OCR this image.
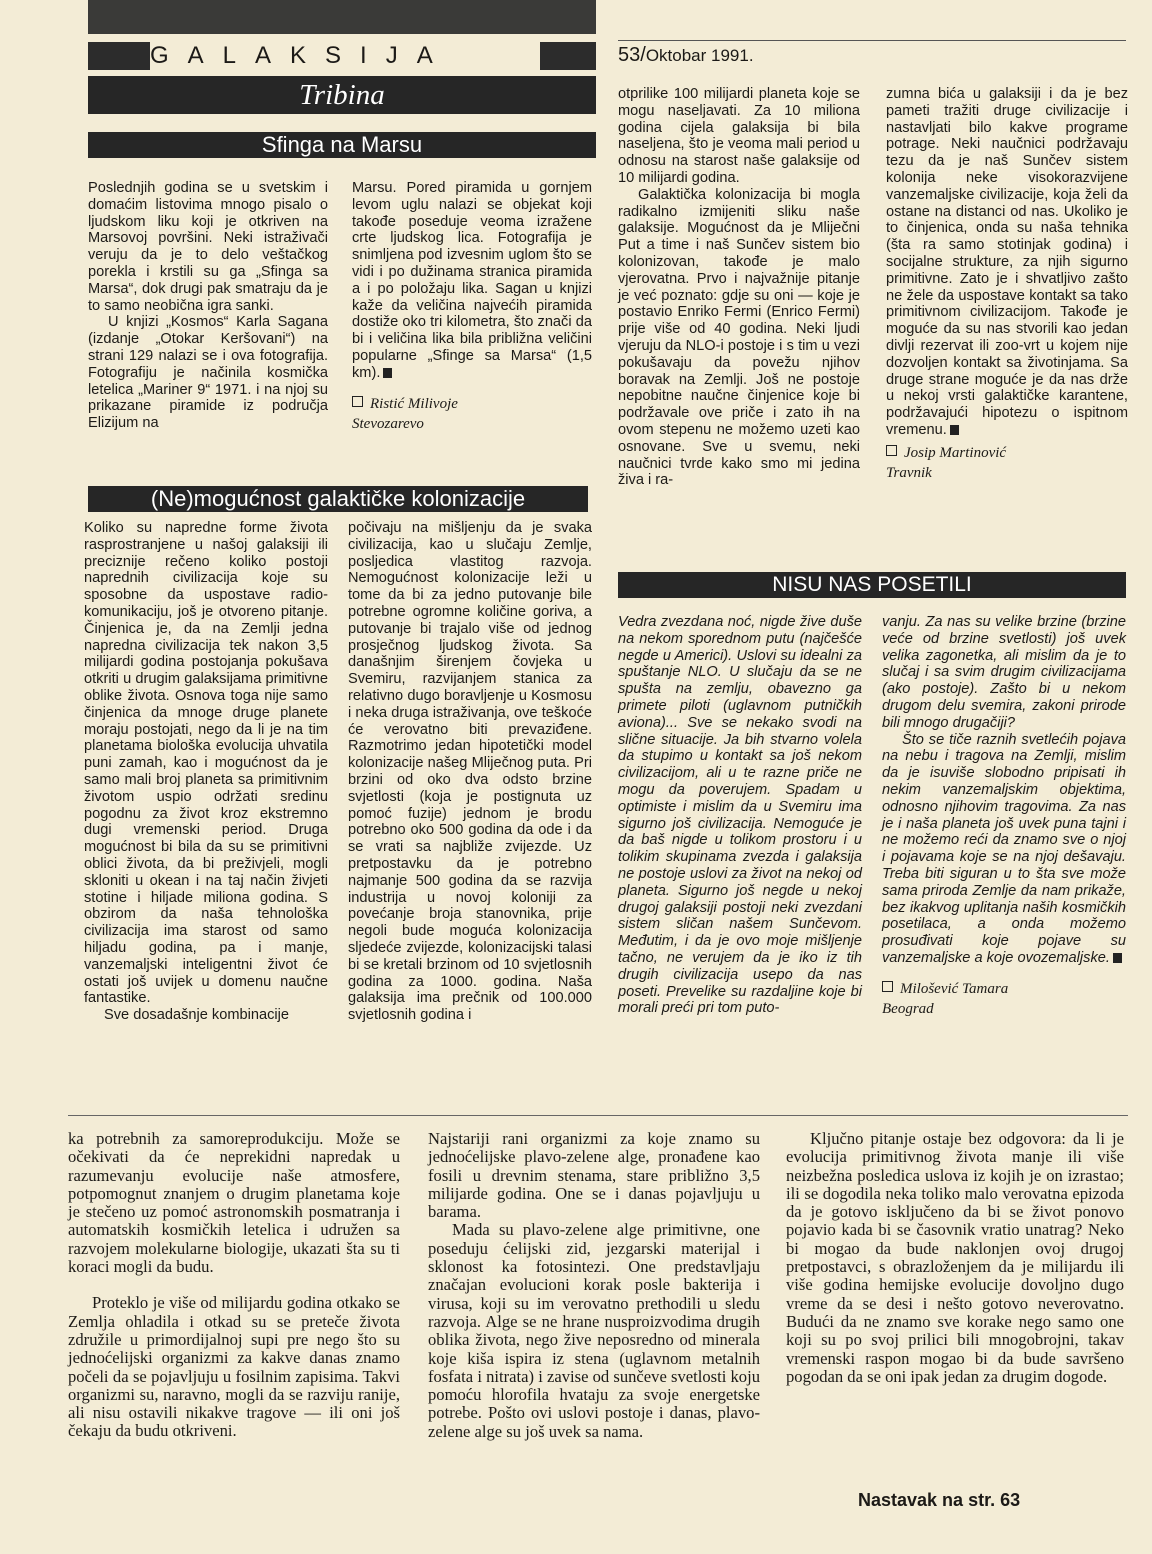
GALAKSIJA	53/Oktobar 1991.
Tribina
Sfinga na Marsu

Poslednjih godina se u svetskim i domaćim listovima mnogo pisalo o ljudskom liku koji je otkriven na Marsovoj površini. Neki istraživači veruju da je to delo veštačkog porekla i krstili su ga „Sfinga sa Marsa“, dok drugi pak smatraju da je to samo neobična igra sanki.

U knjizi „Kosmos“ Karla Sagana (izdanje „Otokar Keršovani“) na strani 129 nalazi se i ova fotografija. Fotografiju je načinila kosmička letelica „Mariner 9“ 1971. i na njoj su prikazane piramide iz područja Elizijum na

Marsu. Pored piramida u gornjem levom uglu nalazi se objekat koji takođe poseduje veoma izražene crte ljudskog lica. Fotografija je snimljena pod izvesnim uglom što se vidi i po dužinama stranica piramida a i po položaju lika. Sagan u knjizi kaže da veličina najvećih piramida dostiže oko tri kilometra, što znači da bi i veličina lika bila približna veličini popularne „Sfinge sa Marsa“ (1,5 km).

Ristić Milivoje
Stevozarevo
(Ne)mogućnost galaktičke kolonizacije

Koliko su napredne forme života rasprostranjene u našoj galaksiji ili preciznije rečeno koliko postoji naprednih civilizacija koje su sposobne da uspostave radio-komunikaciju, još je otvoreno pitanje. Činjenica je, da na Zemlji jedna napredna civilizacija tek nakon 3,5 milijardi godina postojanja pokušava otkriti u drugim galaksijama primitivne oblike života. Osnova toga nije samo činjenica da mnoge druge planete moraju postojati, nego da li je na tim planetama biološka evolucija uhvatila puni zamah, kao i mogućnost da je samo mali broj planeta sa primitivnim životom uspio održati sredinu pogodnu za život kroz ekstremno dugi vremenski period. Druga mogućnost bi bila da su se primitivni oblici života, da bi preživjeli, mogli skloniti u okean i na taj način živjeti stotine i hiljade miliona godina. S obzirom da naša tehnološka civilizacija ima starost od samo hiljadu godina, pa i manje, vanzemaljski inteligentni život će ostati još uvijek u domenu naučne fantastike.

Sve dosadašnje kombinacije

počivaju na mišljenju da je svaka civilizacija, kao u slučaju Zemlje, posljedica vlastitog razvoja. Nemogućnost kolonizacije leži u tome da bi za jedno putovanje bile potrebne ogromne količine goriva, a putovanje bi trajalo više od jednog prosječnog ljudskog života. Sa današnjim širenjem čovjeka u Svemiru, razvijanjem stanica za relativno dugo boravljenje u Kosmosu i neka druga istraživanja, ove teškoće će verovatno biti prevaziđene. Razmotrimo jedan hipotetički model kolonizacije našeg Mliječnog puta. Pri brzini od oko dva odsto brzine svjetlosti (koja je postignuta uz pomoć fuzije) jednom je brodu potrebno oko 500 godina da ode i da se vrati sa najbliže zvijezde. Uz pretpostavku da je potrebno najmanje 500 godina da se razvija industrija u novoj koloniji za povećanje broja stanovnika, prije negoli bude moguća kolonizacija sljedeće zvijezde, kolonizacijski talasi bi se kretali brzinom od 10 svjetlosnih godina za 1000. godina. Naša galaksija ima prečnik od 100.000 svjetlosnih godina i

otprilike 100 milijardi planeta koje se mogu naseljavati. Za 10 miliona godina cijela galaksija bi bila naseljena, što je veoma mali period u odnosu na starost naše galaksije od 10 milijardi godina.

Galaktička kolonizacija bi mogla radikalno izmijeniti sliku naše galaksije. Mogućnost da je Mliječni Put a time i naš Sunčev sistem bio kolonizovan, takođe je malo vjerovatna. Prvo i najvažnije pitanje je već poznato: gdje su oni — koje je postavio Enriko Fermi (Enrico Fermi) prije više od 40 godina. Neki ljudi vjeruju da NLO-i postoje i s tim u vezi pokušavaju da povežu njihov boravak na Zemlji. Još ne postoje nepobitne naučne činjenice koje bi podržavale ove priče i zato ih na ovom stepenu ne možemo uzeti kao osnovane. Sve u svemu, neki naučnici tvrde kako smo mi jedina živa i ra-

zumna bića u galaksiji i da je bez pameti tražiti druge civilizacije i nastavljati bilo kakve programe potrage. Neki naučnici podržavaju tezu da je naš Sunčev sistem kolonija neke visokorazvijene vanzemaljske civilizacije, koja želi da ostane na distanci od nas. Ukoliko je to činjenica, onda su naša tehnika (šta ra samo stotinjak godina) i socijalne strukture, za njih sigurno primitivne. Zato je i shvatljivo zašto ne žele da uspostave kontakt sa tako primitivnom civilizacijom. Takođe je moguće da su nas stvorili kao jedan divlji rezervat ili zoo-vrt u kojem nije dozvoljen kontakt sa životinjama. Sa druge strane moguće je da nas drže u nekoj vrsti galaktičke karantene, podržavajući hipotezu o ispitnom vremenu.

Josip Martinović
Travnik
NISU NAS POSETILI

Vedra zvezdana noć, nigde žive duše na nekom sporednom putu (najčešće negde u Americi). Uslovi su idealni za spuštanje NLO. U slučaju da se ne spušta na zemlju, obavezno ga primete piloti (uglavnom putničkih aviona)... Sve se nekako svodi na slične situacije. Ja bih stvarno volela da stupimo u kontakt sa još nekom civilizacijom, ali u te razne priče ne mogu da poverujem. Spadam u optimiste i mislim da u Svemiru ima sigurno još civilizacija. Nemoguće je da baš nigde u tolikom prostoru i u tolikim skupinama zvezda i galaksija ne postoje uslovi za život na nekoj od planeta. Sigurno još negde u nekoj drugoj galaksiji postoji neki zvezdani sistem sličan našem Sunčevom. Međutim, i da je ovo moje mišljenje tačno, ne verujem da je iko iz tih drugih civilizacija usepo da nas poseti. Prevelike su razdaljine koje bi morali preći pri tom puto-

vanju. Za nas su velike brzine (brzine veće od brzine svetlosti) još uvek velika zagonetka, ali mislim da je to slučaj i sa svim drugim civilizacijama (ako postoje). Zašto bi u nekom drugom delu svemira, zakoni prirode bili mnogo drugačiji?

Što se tiče raznih svetlećih pojava na nebu i tragova na Zemlji, mislim da je isuviše slobodno pripisati ih nekim vanzemaljskim objektima, odnosno njihovim tragovima. Za nas je i naša planeta još uvek puna tajni i ne možemo reći da znamo sve o njoj i pojavama koje se na njoj dešavaju. Treba biti siguran u to šta sve može sama priroda Zemlje da nam prikaže, bez ikakvog uplitanja naših kosmičkih posetilaca, a onda možemo prosuđivati koje pojave su vanzemaljske a koje ovozemaljske.

Milošević Tamara
Beograd

ka potrebnih za samoreprodukciju. Može se očekivati da će neprekidni napredak u razumevanju evolucije naše atmosfere, potpomognut znanjem o drugim planetama koje je stečeno uz pomoć astronomskih posmatranja i automatskih kosmičkih letelica i udružen sa razvojem molekularne biologije, ukazati šta su ti koraci mogli da budu.

Proteklo je više od milijardu godina otkako se Zemlja ohladila i otkad su se preteče života združile u primordijalnoj supi pre nego što su jednoćelijski organizmi za kakve danas znamo počeli da se pojavljuju u fosilnim zapisima. Takvi organizmi su, naravno, mogli da se razviju ranije, ali nisu ostavili nikakve tragove — ili oni još čekaju da budu otkriveni.

Najstariji rani organizmi za koje znamo su jednoćelijske plavo-zelene alge, pronađene kao fosili u drevnim stenama, stare približno 3,5 milijarde godina. One se i danas pojavljuju u barama.

Mada su plavo-zelene alge primitivne, one poseduju ćelijski zid, jezgarski materijal i sklonost ka fotosintezi. One predstavljaju značajan evolucioni korak posle bakterija i virusa, koji su im verovatno prethodili u sledu razvoja. Alge se ne hrane nusproizvodima drugih oblika života, nego žive neposredno od minerala koje kiša ispira iz stena (uglavnom metalnih fosfata i nitrata) i zavise od sunčeve svetlosti koju pomoću hlorofila hvataju za svoje energetske potrebe. Pošto ovi uslovi postoje i danas, plavo-zelene alge su još uvek sa nama.

Ključno pitanje ostaje bez odgovora: da li je evolucija primitivnog života manje ili više neizbežna posledica uslova iz kojih je on izrastao; ili se dogodila neka toliko malo verovatna epizoda da je gotovo isključeno da bi se život ponovo pojavio kada bi se časovnik vratio unatrag? Neko bi mogao da bude naklonjen ovoj drugoj pretpostavci, s obrazloženjem da je milijardu ili više godina hemijske evolucije dovoljno dugo vreme da se desi i nešto gotovo neverovatno. Budući da ne znamo sve korake nego samo one koji su po svoj prilici bili mnogobrojni, takav vremenski raspon mogao bi da bude savršeno pogodan da se oni ipak jedan za drugim dogode.

Nastavak na str. 63
